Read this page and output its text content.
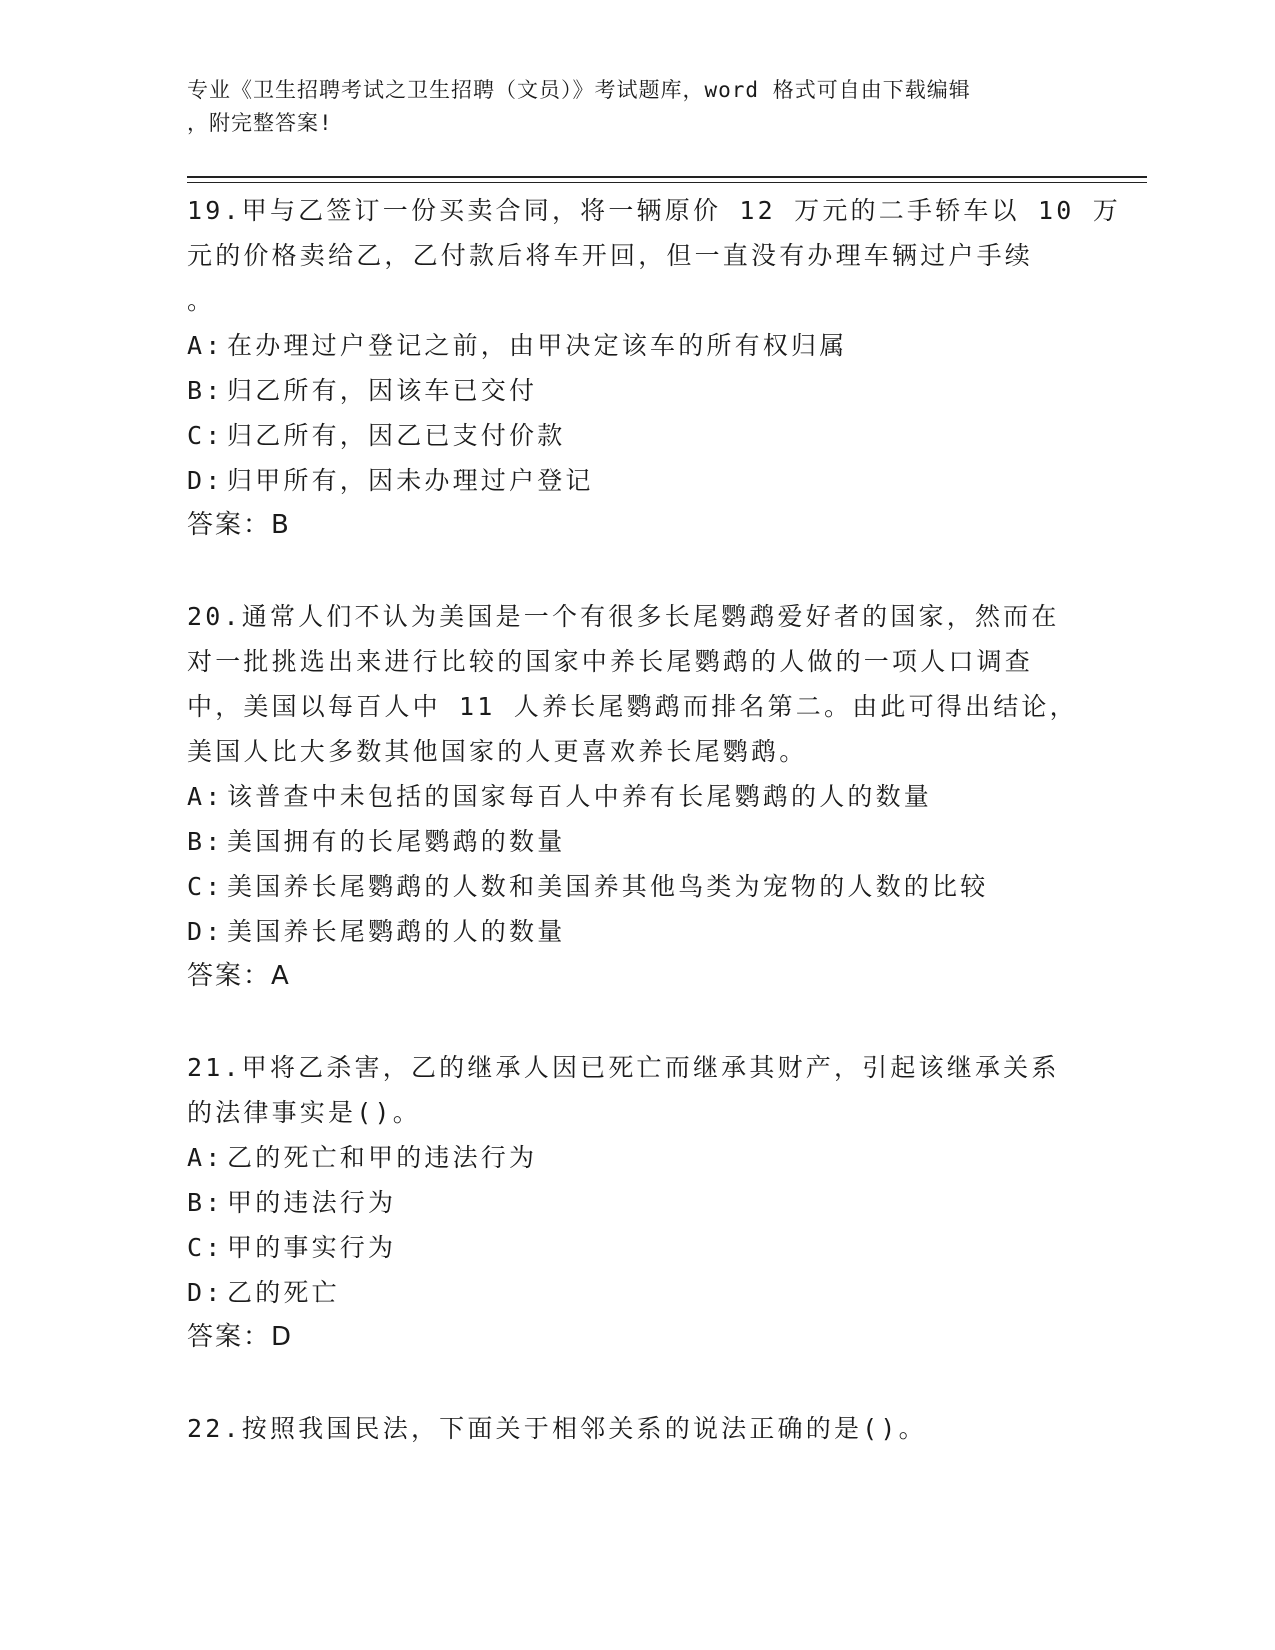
专业《卫生招聘考试之卫生招聘（文员）》考试题库，word 格式可自由下载编辑
，附完整答案!
19.甲与乙签订一份买卖合同，将一辆原价 12 万元的二手轿车以 10 万
元的价格卖给乙，乙付款后将车开回，但一直没有办理车辆过户手续
。
A: 在办理过户登记之前，由甲决定该车的所有权归属
B: 归乙所有，因该车已交付
C: 归乙所有，因乙已支付价款
D: 归甲所有，因未办理过户登记
答案：B
20.通常人们不认为美国是一个有很多长尾鹦鹉爱好者的国家，然而在
对一批挑选出来进行比较的国家中养长尾鹦鹉的人做的一项人口调查
中，美国以每百人中 11 人养长尾鹦鹉而排名第二。由此可得出结论，
美国人比大多数其他国家的人更喜欢养长尾鹦鹉。
A: 该普查中未包括的国家每百人中养有长尾鹦鹉的人的数量
B: 美国拥有的长尾鹦鹉的数量
C: 美国养长尾鹦鹉的人数和美国养其他鸟类为宠物的人数的比较
D: 美国养长尾鹦鹉的人的数量
答案：A
21.甲将乙杀害，乙的继承人因已死亡而继承其财产，引起该继承关系
的法律事实是()。
A: 乙的死亡和甲的违法行为
B: 甲的违法行为
C: 甲的事实行为
D: 乙的死亡
答案：D
22.按照我国民法，下面关于相邻关系的说法正确的是()。
